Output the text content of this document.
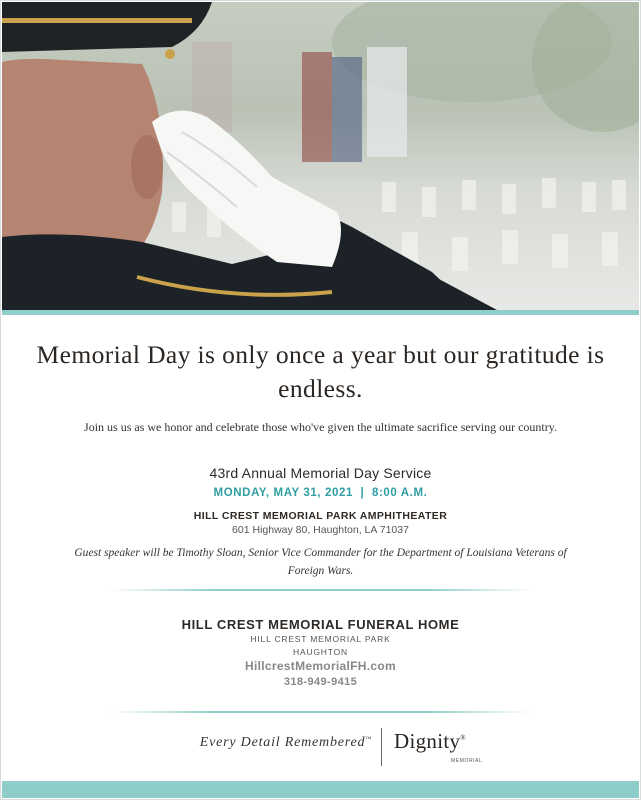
Memorial Day is only once a year but our gratitude is endless.
Join us us as we honor and celebrate those who've given the ultimate sacrifice serving our country.
43rd Annual Memorial Day Service
MONDAY, MAY 31, 2021  |  8:00 A.M.
HILL CREST MEMORIAL PARK AMPHITHEATER
601 Highway 80, Haughton, LA 71037
Guest speaker will be Timothy Sloan, Senior Vice Commander for the Department of Louisiana Veterans of Foreign Wars.
HILL CREST MEMORIAL FUNERAL HOME
HILL CREST MEMORIAL PARK
HAUGHTON
HillcrestMemorialFH.com
318-949-9415
Every Detail Remembered™ Dignity®
MEMORIAL
